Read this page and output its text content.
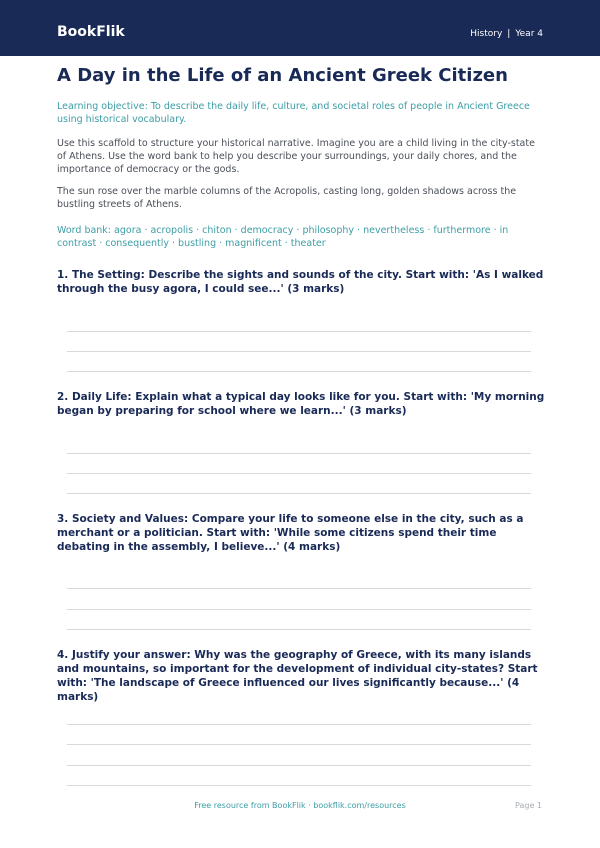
BookFlik	History | Year 4
A Day in the Life of an Ancient Greek Citizen

Learning objective: To describe the daily life, culture, and societal roles of people in Ancient Greece using historical vocabulary.

Use this scaffold to structure your historical narrative. Imagine you are a child living in the city-state of Athens. Use the word bank to help you describe your surroundings, your daily chores, and the importance of democracy or the gods.

The sun rose over the marble columns of the Acropolis, casting long, golden shadows across the bustling streets of Athens.

Word bank: agora · acropolis · chiton · democracy · philosophy · nevertheless · furthermore · in contrast · consequently · bustling · magnificent · theater

1. The Setting: Describe the sights and sounds of the city. Start with: 'As I walked through the busy agora, I could see...' (3 marks)

2. Daily Life: Explain what a typical day looks like for you. Start with: 'My morning began by preparing for school where we learn...' (3 marks)

3. Society and Values: Compare your life to someone else in the city, such as a merchant or a politician. Start with: 'While some citizens spend their time debating in the assembly, I believe...' (4 marks)

4. Justify your answer: Why was the geography of Greece, with its many islands and mountains, so important for the development of individual city-states? Start with: 'The landscape of Greece influenced our lives significantly because...' (4 marks)

Free resource from BookFlik · bookflik.com/resources	Page 1
